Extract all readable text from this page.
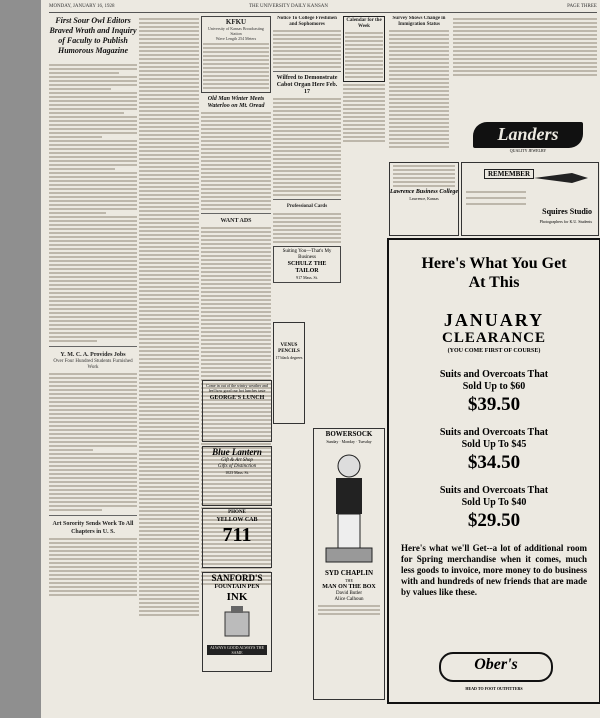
MONDAY, JANUARY 16, 1928	THE UNIVERSITY DAILY KANSAN	PAGE THREE
First Sour Owl Editors Braved Wrath and Inquiry of Faculty to Publish Humorous Magazine
Y. M. C. A. Provides Jobs
Over Four Hundred Students Furnished Work
Art Sorority Sends Work To All Chapters in U. S.
KFKU
University of Kansas Broadcasting Station
Wave Length 254 Meters
Old Man Winter Meets Waterloo on Mt. Oread
WANT ADS
Notice To College Freshmen and Sophomores
Wilfred to Demonstrate Cabot Organ Here Feb. 17
Professional Cards
Suiting You—That's My Business
SCHULZ THE TAILOR
917 Mass. St.
Calendar for the Week
VENUS PENCILS
17 black degrees
Come in out of the wintry weather and feel how good our hot lunches taste
GEORGE'S LUNCH
Blue Lantern
Gift & Art Shop
Gifts of Distinction
1023 Mass. St.
PHONE
YELLOW CAB
711
SANFORD'S
FOUNTAIN PEN
INK
ALWAYS GOOD ALWAYS THE SAME
BOWERSOCK
Sunday · Monday · Tuesday
SYD CHAPLIN
THE
MAN ON THE BOX
David Butler
Alice Calhoun
Survey Shows Change in Immigration Status
Landers
QUALITY JEWELRY
Lawrence Business College
Lawrence, Kansas
REMEMBER
Squires Studio
Photographers for K.U. Students
Here's What You Get
At This
JANUARY
CLEARANCE
(YOU COME FIRST OF COURSE)
Suits and Overcoats That
Sold Up to $60
$39.50
Suits and Overcoats That
Sold Up To $45
$34.50
Suits and Overcoats That
Sold Up To $40
$29.50
Here's what we'll Get--a lot of additional room for Spring merchandise when it comes, much less goods to invoice, more money to do business with and hundreds of new friends that are made by values like these.
Ober's
HEAD TO FOOT OUTFITTERS
